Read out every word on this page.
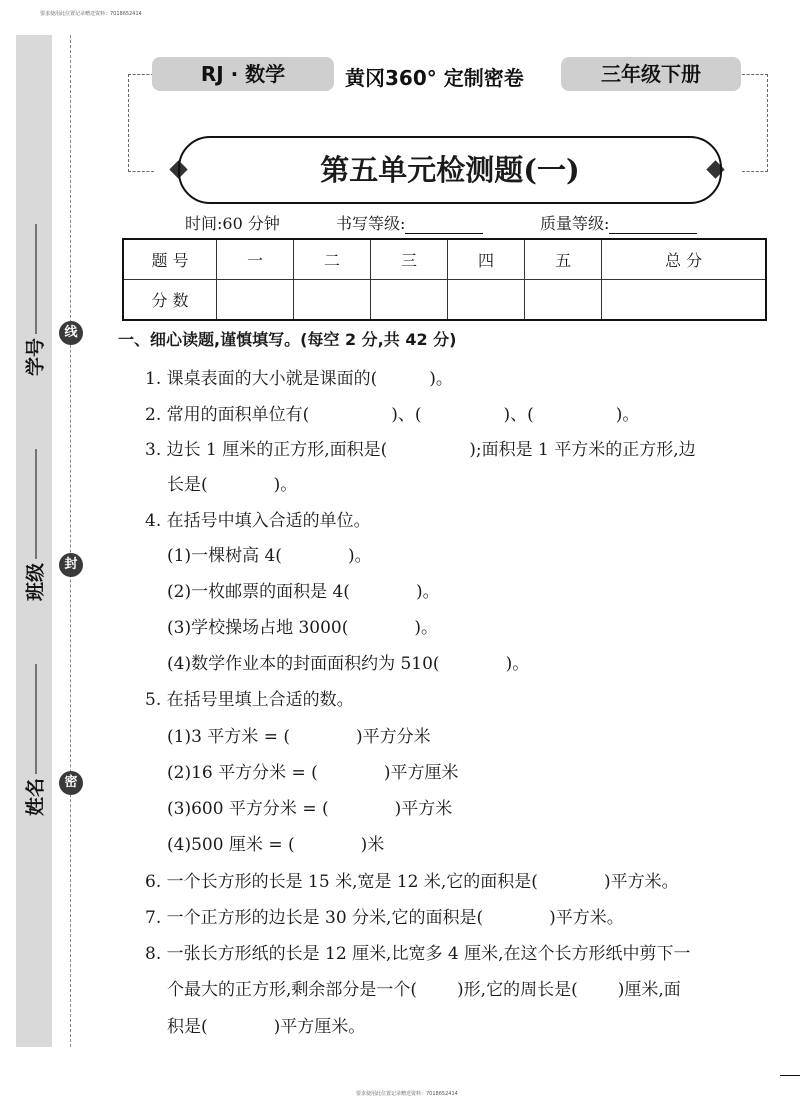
要求使用此位置记录赠送资料：7018652414
要求使用此位置记录赠送资料：7018652414
线
封
密
学号
班级
姓名
RJ · 数学	黄冈360° 定制密卷	三年级下册
第五单元检测题(一)
时间:60 分钟	书写等级:	质量等级:
题 号	一	二	三	四	五	总 分
分 数						
一、细心读题,谨慎填写。(每空 2 分,共 42 分)
1. 课桌表面的大小就是课面的(	)。
2. 常用的面积单位有(	)、(	)、(	)。
3. 边长 1 厘米的正方形,面积是(	);面积是 1 平方米的正方形,边
长是(	)。
4. 在括号中填入合适的单位。
(1)一棵树高 4(	)。
(2)一枚邮票的面积是 4(	)。
(3)学校操场占地 3000(	)。
(4)数学作业本的封面面积约为 510(	)。
5. 在括号里填上合适的数。
(1)3 平方米 = (	)平方分米
(2)16 平方分米 = (	)平方厘米
(3)600 平方分米 = (	)平方米
(4)500 厘米 = (	)米
6. 一个长方形的长是 15 米,宽是 12 米,它的面积是(	)平方米。
7. 一个正方形的边长是 30 分米,它的面积是(	)平方米。
8. 一张长方形纸的长是 12 厘米,比宽多 4 厘米,在这个长方形纸中剪下一
个最大的正方形,剩余部分是一个( )形,它的周长是( )厘米,面
积是(	)平方厘米。
